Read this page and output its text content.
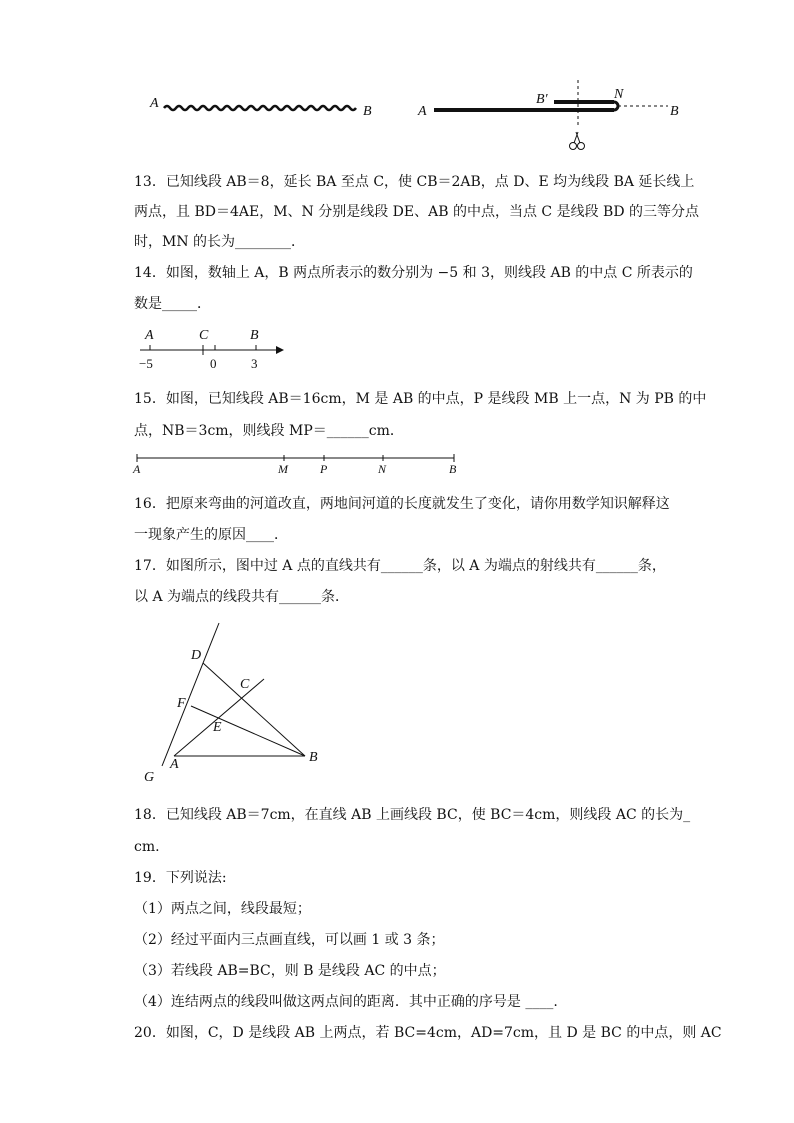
A
B	A
B′	N
B
13．已知线段 AB＝8，延长 BA 至点 C，使 CB＝2AB，点 D、E 均为线段 BA 延长线上
两点，且 BD＝4AE，M、N 分别是线段 DE、AB 的中点，当点 C 是线段 BD 的三等分点
时，MN 的长为________．
14．如图，数轴上 A，B 两点所表示的数分别为 −5 和 3，则线段 AB 的中点 C 所表示的
数是_____．
A	C	B
−5	0	3
15．如图，已知线段 AB＝16cm，M 是 AB 的中点，P 是线段 MB 上一点，N 为 PB 的中
点，NB＝3cm，则线段 MP＝______cm．
A	M	P	N	B
16．把原来弯曲的河道改直，两地间河道的长度就发生了变化，请你用数学知识解释这
一现象产生的原因____．
17．如图所示，图中过 A 点的直线共有______条，以 A 为端点的射线共有______条，
以 A 为端点的线段共有______条．
D
C
F
E
A	B
G
18．已知线段 AB＝7cm，在直线 AB 上画线段 BC，使 BC＝4cm，则线段 AC 的长为_
cm.
19．下列说法:
（1）两点之间，线段最短；
（2）经过平面内三点画直线，可以画 1 或 3 条；
（3）若线段 AB=BC，则 B 是线段 AC 的中点；
（4）连结两点的线段叫做这两点间的距离．其中正确的序号是 ____.
20．如图，C，D 是线段 AB 上两点，若 BC=4cm，AD=7cm，且 D 是 BC 的中点，则 AC
